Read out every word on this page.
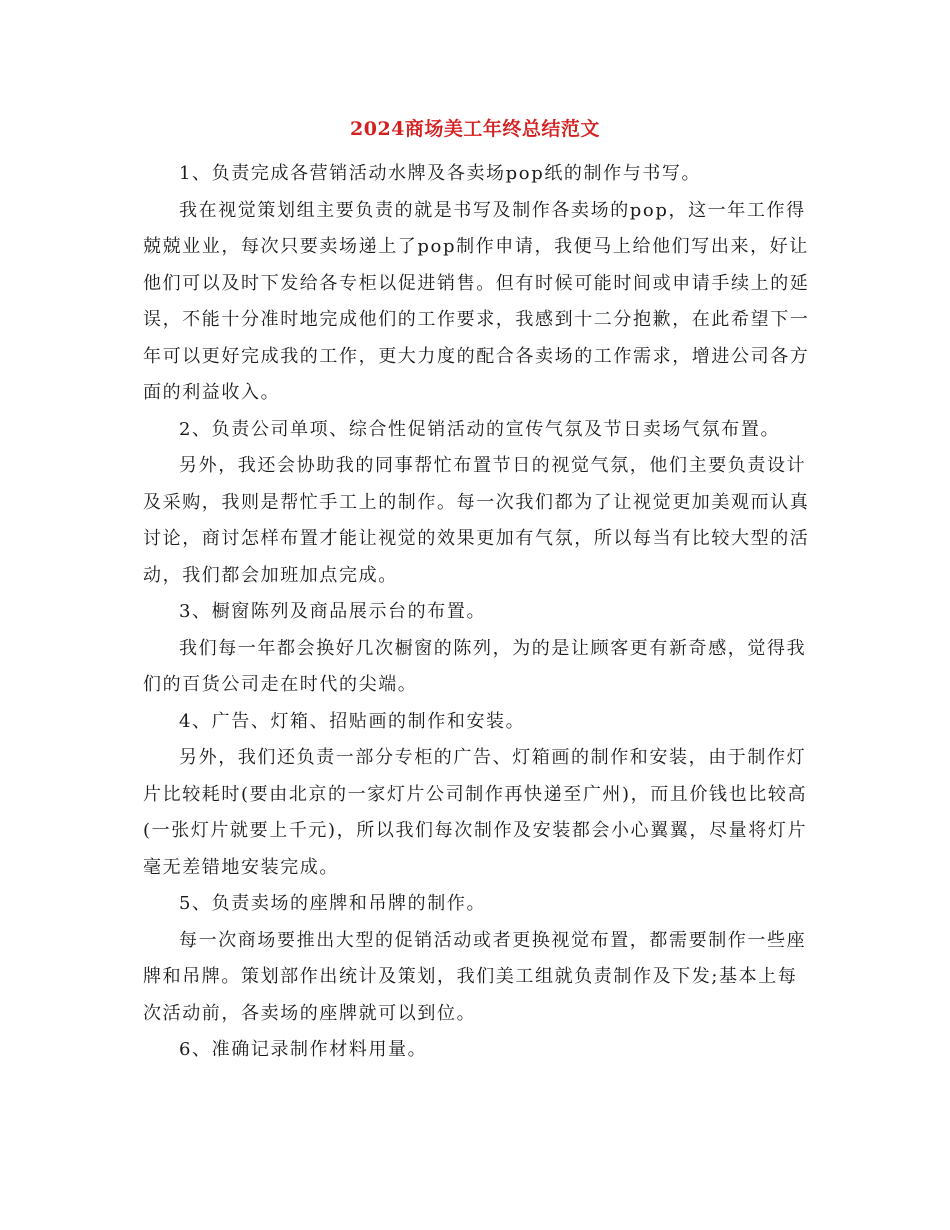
2024商场美工年终总结范文

1、负责完成各营销活动水牌及各卖场pop纸的制作与书写。

我在视觉策划组主要负责的就是书写及制作各卖场的pop，这一年工作得兢兢业业，每次只要卖场递上了pop制作申请，我便马上给他们写出来，好让他们可以及时下发给各专柜以促进销售。但有时候可能时间或申请手续上的延误，不能十分准时地完成他们的工作要求，我感到十二分抱歉，在此希望下一年可以更好完成我的工作，更大力度的配合各卖场的工作需求，增进公司各方面的利益收入。

2、负责公司单项、综合性促销活动的宣传气氛及节日卖场气氛布置。

另外，我还会协助我的同事帮忙布置节日的视觉气氛，他们主要负责设计及采购，我则是帮忙手工上的制作。每一次我们都为了让视觉更加美观而认真讨论，商讨怎样布置才能让视觉的效果更加有气氛，所以每当有比较大型的活动，我们都会加班加点完成。

3、橱窗陈列及商品展示台的布置。

我们每一年都会换好几次橱窗的陈列，为的是让顾客更有新奇感，觉得我们的百货公司走在时代的尖端。

4、广告、灯箱、招贴画的制作和安装。

另外，我们还负责一部分专柜的广告、灯箱画的制作和安装，由于制作灯片比较耗时(要由北京的一家灯片公司制作再快递至广州)，而且价钱也比较高(一张灯片就要上千元)，所以我们每次制作及安装都会小心翼翼，尽量将灯片毫无差错地安装完成。

5、负责卖场的座牌和吊牌的制作。

每一次商场要推出大型的促销活动或者更换视觉布置，都需要制作一些座牌和吊牌。策划部作出统计及策划，我们美工组就负责制作及下发;基本上每次活动前，各卖场的座牌就可以到位。

6、准确记录制作材料用量。
